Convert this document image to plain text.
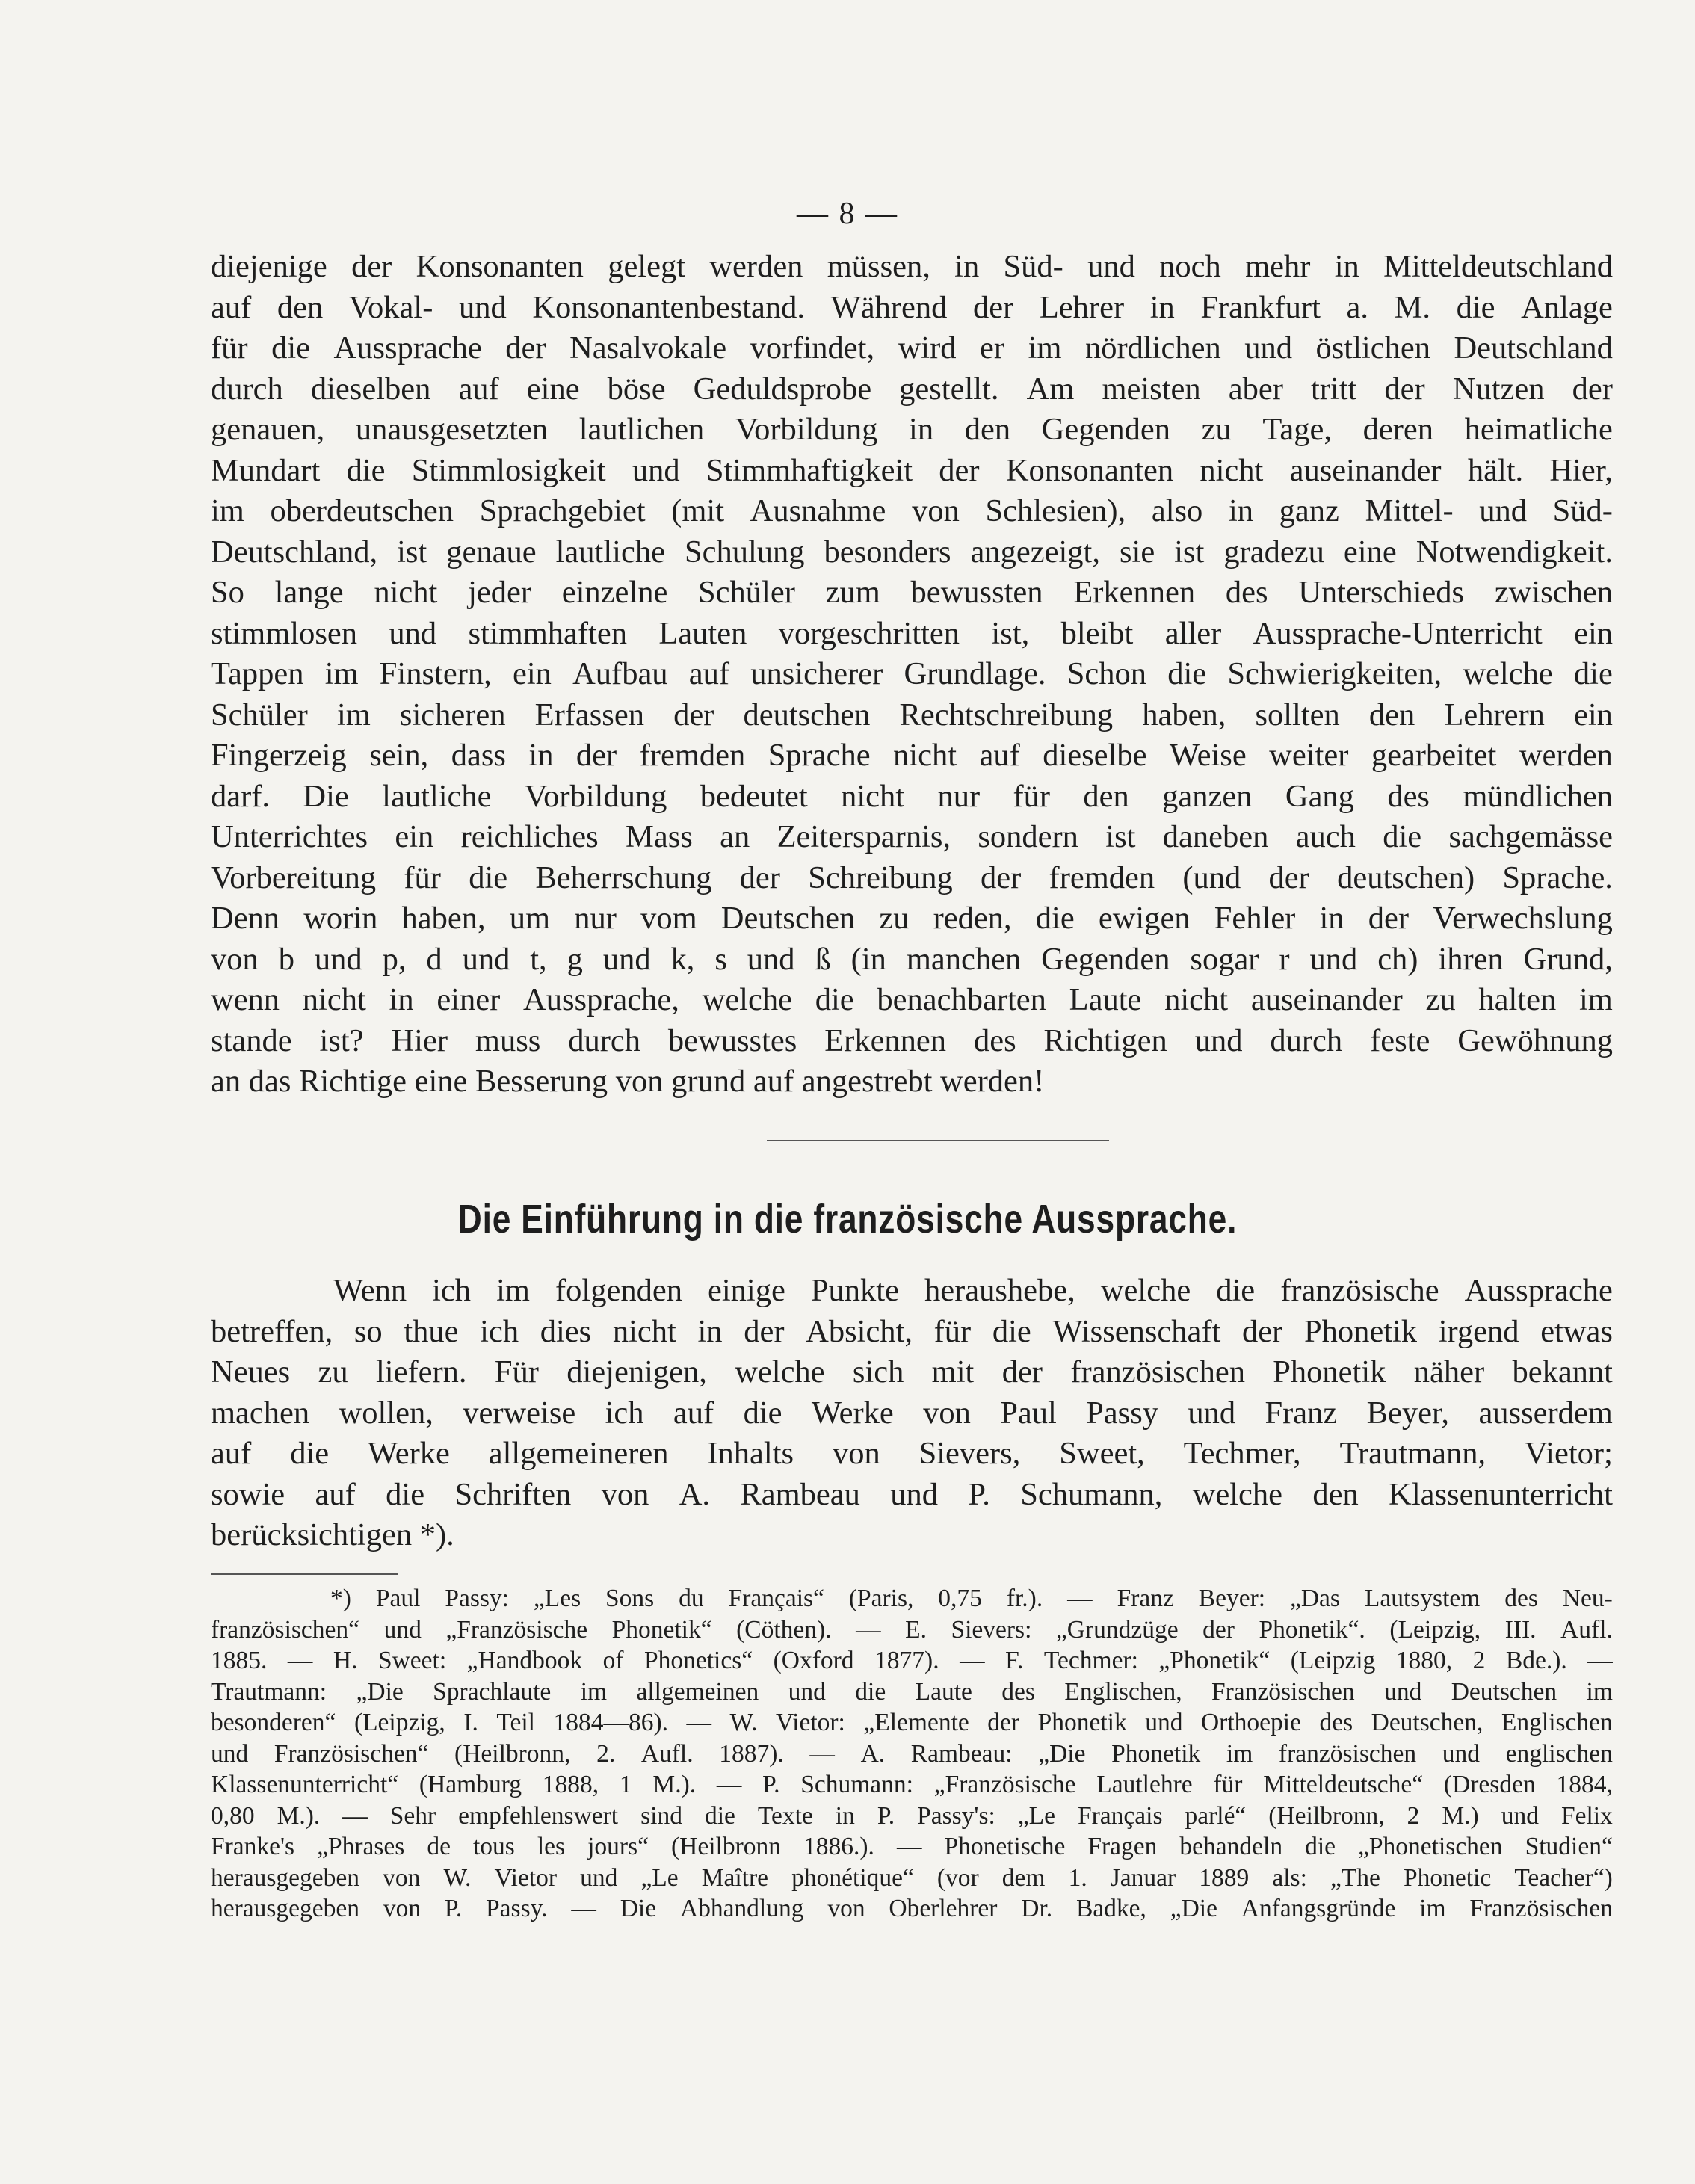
— 8 —
diejenige der Konsonanten gelegt werden müssen, in Süd- und noch mehr in Mitteldeutschland
auf den Vokal- und Konsonantenbestand. Während der Lehrer in Frankfurt a. M. die Anlage
für die Aussprache der Nasalvokale vorfindet, wird er im nördlichen und östlichen Deutschland
durch dieselben auf eine böse Geduldsprobe gestellt. Am meisten aber tritt der Nutzen der
genauen, unausgesetzten lautlichen Vorbildung in den Gegenden zu Tage, deren heimatliche
Mundart die Stimmlosigkeit und Stimmhaftigkeit der Konsonanten nicht auseinander hält. Hier,
im oberdeutschen Sprachgebiet (mit Ausnahme von Schlesien), also in ganz Mittel- und Süd-
Deutschland, ist genaue lautliche Schulung besonders angezeigt, sie ist gradezu eine Notwendigkeit.
So lange nicht jeder einzelne Schüler zum bewussten Erkennen des Unterschieds zwischen
stimmlosen und stimmhaften Lauten vorgeschritten ist, bleibt aller Aussprache-Unterricht ein
Tappen im Finstern, ein Aufbau auf unsicherer Grundlage. Schon die Schwierigkeiten, welche die
Schüler im sicheren Erfassen der deutschen Rechtschreibung haben, sollten den Lehrern ein
Fingerzeig sein, dass in der fremden Sprache nicht auf dieselbe Weise weiter gearbeitet werden
darf. Die lautliche Vorbildung bedeutet nicht nur für den ganzen Gang des mündlichen
Unterrichtes ein reichliches Mass an Zeitersparnis, sondern ist daneben auch die sachgemässe
Vorbereitung für die Beherrschung der Schreibung der fremden (und der deutschen) Sprache.
Denn worin haben, um nur vom Deutschen zu reden, die ewigen Fehler in der Verwechslung
von b und p, d und t, g und k, s und ß (in manchen Gegenden sogar r und ch) ihren Grund,
wenn nicht in einer Aussprache, welche die benachbarten Laute nicht auseinander zu halten im
stande ist? Hier muss durch bewusstes Erkennen des Richtigen und durch feste Gewöhnung
an das Richtige eine Besserung von grund auf angestrebt werden!
Die Einführung in die französische Aussprache.
Wenn ich im folgenden einige Punkte heraushebe, welche die französische Aussprache
betreffen, so thue ich dies nicht in der Absicht, für die Wissenschaft der Phonetik irgend etwas
Neues zu liefern. Für diejenigen, welche sich mit der französischen Phonetik näher bekannt
machen wollen, verweise ich auf die Werke von Paul Passy und Franz Beyer, ausserdem
auf die Werke allgemeineren Inhalts von Sievers, Sweet, Techmer, Trautmann, Vietor;
sowie auf die Schriften von A. Rambeau und P. Schumann, welche den Klassenunterricht
berücksichtigen *).
*) Paul Passy: „Les Sons du Français“ (Paris, 0,75 fr.). — Franz Beyer: „Das Lautsystem des Neu-
französischen“ und „Französische Phonetik“ (Cöthen). — E. Sievers: „Grundzüge der Phonetik“. (Leipzig, III. Aufl.
1885. — H. Sweet: „Handbook of Phonetics“ (Oxford 1877). — F. Techmer: „Phonetik“ (Leipzig 1880, 2 Bde.). —
Trautmann: „Die Sprachlaute im allgemeinen und die Laute des Englischen, Französischen und Deutschen im
besonderen“ (Leipzig, I. Teil 1884—86). — W. Vietor: „Elemente der Phonetik und Orthoepie des Deutschen, Englischen
und Französischen“ (Heilbronn, 2. Aufl. 1887). — A. Rambeau: „Die Phonetik im französischen und englischen
Klassenunterricht“ (Hamburg 1888, 1 M.). — P. Schumann: „Französische Lautlehre für Mitteldeutsche“ (Dresden 1884,
0,80 M.). — Sehr empfehlenswert sind die Texte in P. Passy's: „Le Français parlé“ (Heilbronn, 2 M.) und Felix
Franke's „Phrases de tous les jours“ (Heilbronn 1886.). — Phonetische Fragen behandeln die „Phonetischen Studien“
herausgegeben von W. Vietor und „Le Maître phonétique“ (vor dem 1. Januar 1889 als: „The Phonetic Teacher“)
herausgegeben von P. Passy. — Die Abhandlung von Oberlehrer Dr. Badke, „Die Anfangsgründe im Französischen
